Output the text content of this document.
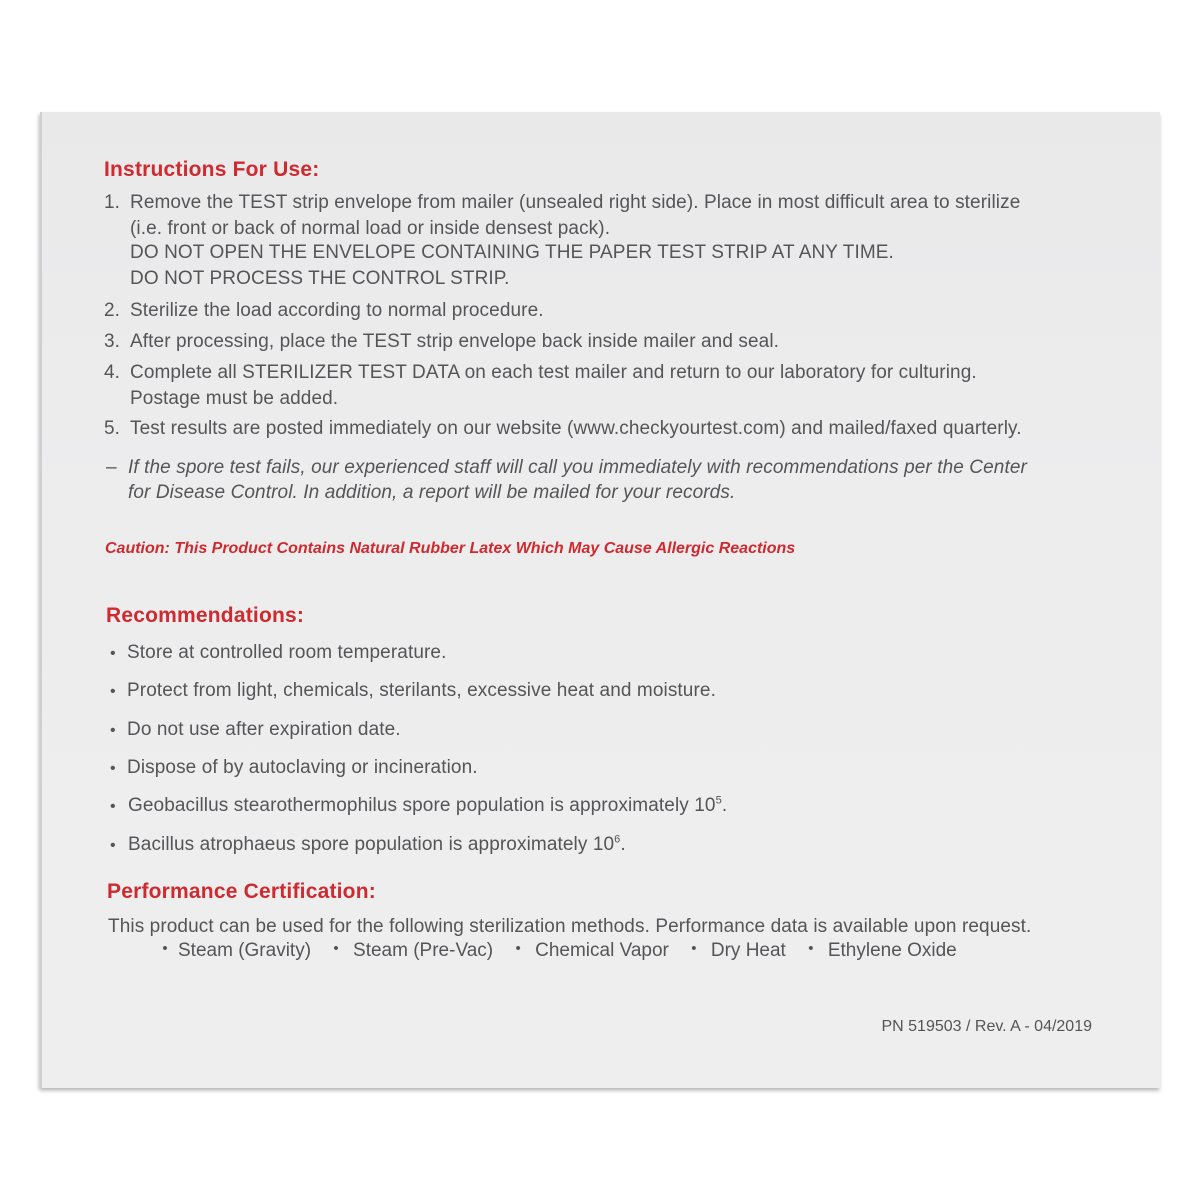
Instructions For Use:
1. Remove the TEST strip envelope from mailer (unsealed right side). Place in most difficult area to sterilize
(i.e. front or back of normal load or inside densest pack).
DO NOT OPEN THE ENVELOPE CONTAINING THE PAPER TEST STRIP AT ANY TIME.
DO NOT PROCESS THE CONTROL STRIP.
2. Sterilize the load according to normal procedure.
3. After processing, place the TEST strip envelope back inside mailer and seal.
4. Complete all STERILIZER TEST DATA on each test mailer and return to our laboratory for culturing.
Postage must be added.
5. Test results are posted immediately on our website (www.checkyourtest.com) and mailed/faxed quarterly.
– If the spore test fails, our experienced staff will call you immediately with recommendations per the Center
for Disease Control. In addition, a report will be mailed for your records.
Caution: This Product Contains Natural Rubber Latex Which May Cause Allergic Reactions
Recommendations:
• Store at controlled room temperature.
• Protect from light, chemicals, sterilants, excessive heat and moisture.
• Do not use after expiration date.
• Dispose of by autoclaving or incineration.
• Geobacillus stearothermophilus spore population is approximately $10^5$.
• Bacillus atrophaeus spore population is approximately $10^6$.
Performance Certification:
This product can be used for the following sterilization methods. Performance data is available upon request.
• Steam (Gravity)	• Steam (Pre-Vac)	• Chemical Vapor	• Dry Heat	• Ethylene Oxide
PN 519503 / Rev. A - 04/2019
